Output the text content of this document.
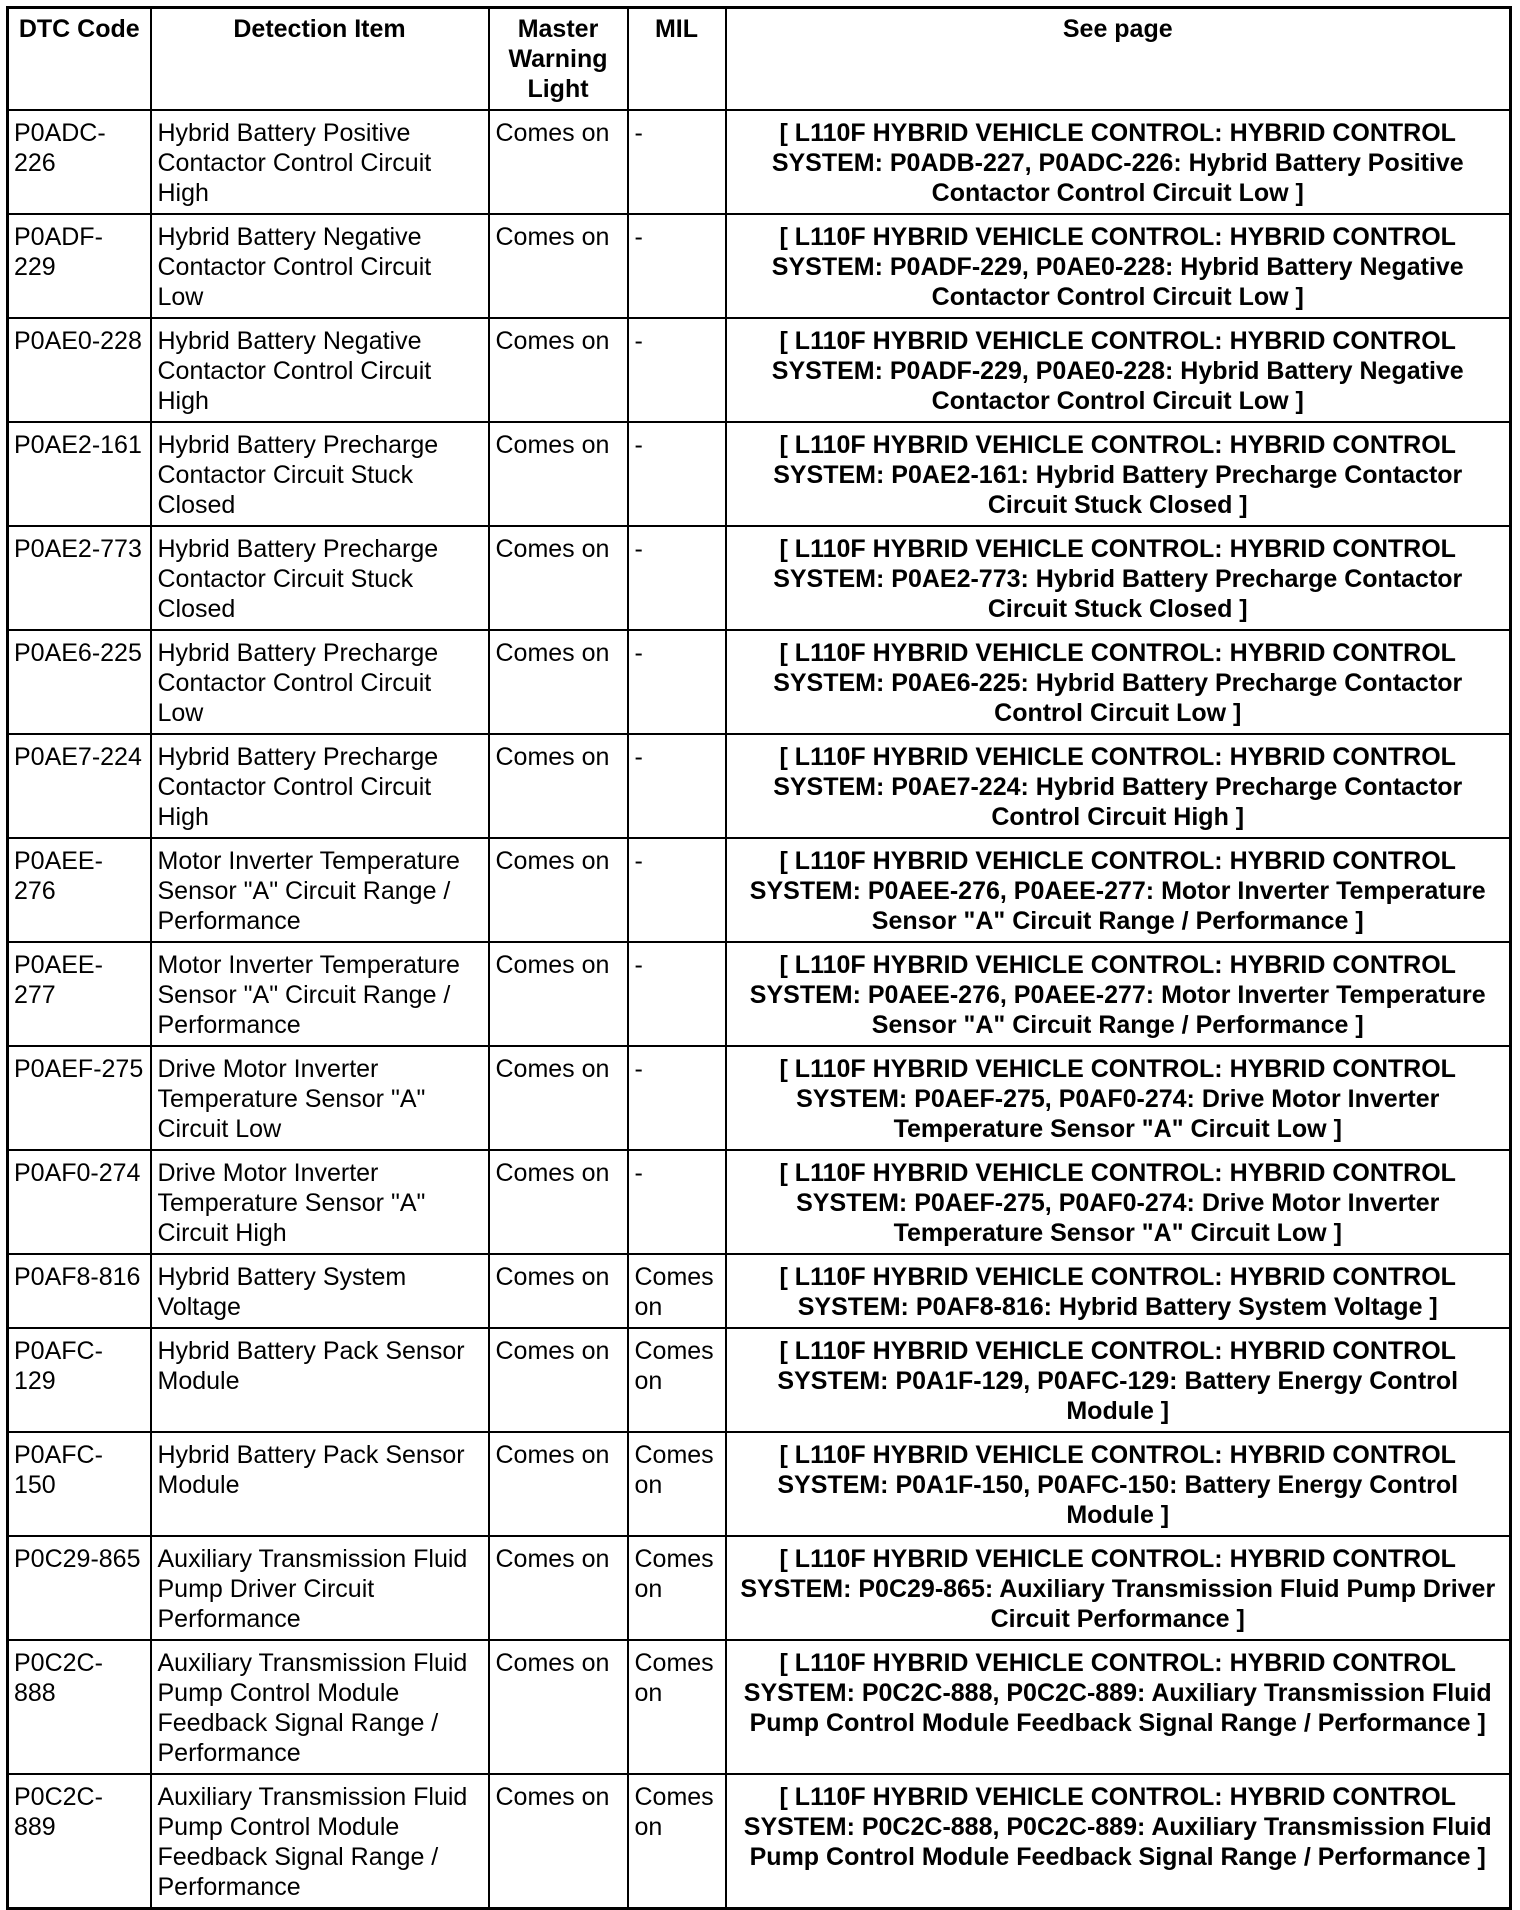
DTC Code	Detection Item	Master Warning Light	MIL	See page
P0ADC-226	Hybrid Battery Positive Contactor Control Circuit High	Comes on	-	[ L110F HYBRID VEHICLE CONTROL: HYBRID CONTROL SYSTEM: P0ADB-227, P0ADC-226: Hybrid Battery Positive Contactor Control Circuit Low ]
P0ADF-229	Hybrid Battery Negative Contactor Control Circuit Low	Comes on	-	[ L110F HYBRID VEHICLE CONTROL: HYBRID CONTROL SYSTEM: P0ADF-229, P0AE0-228: Hybrid Battery Negative Contactor Control Circuit Low ]
P0AE0-228	Hybrid Battery Negative Contactor Control Circuit High	Comes on	-	[ L110F HYBRID VEHICLE CONTROL: HYBRID CONTROL SYSTEM: P0ADF-229, P0AE0-228: Hybrid Battery Negative Contactor Control Circuit Low ]
P0AE2-161	Hybrid Battery Precharge Contactor Circuit Stuck Closed	Comes on	-	[ L110F HYBRID VEHICLE CONTROL: HYBRID CONTROL SYSTEM: P0AE2-161: Hybrid Battery Precharge Contactor Circuit Stuck Closed ]
P0AE2-773	Hybrid Battery Precharge Contactor Circuit Stuck Closed	Comes on	-	[ L110F HYBRID VEHICLE CONTROL: HYBRID CONTROL SYSTEM: P0AE2-773: Hybrid Battery Precharge Contactor Circuit Stuck Closed ]
P0AE6-225	Hybrid Battery Precharge Contactor Control Circuit Low	Comes on	-	[ L110F HYBRID VEHICLE CONTROL: HYBRID CONTROL SYSTEM: P0AE6-225: Hybrid Battery Precharge Contactor Control Circuit Low ]
P0AE7-224	Hybrid Battery Precharge Contactor Control Circuit High	Comes on	-	[ L110F HYBRID VEHICLE CONTROL: HYBRID CONTROL SYSTEM: P0AE7-224: Hybrid Battery Precharge Contactor Control Circuit High ]
P0AEE-276	Motor Inverter Temperature Sensor "A" Circuit Range / Performance	Comes on	-	[ L110F HYBRID VEHICLE CONTROL: HYBRID CONTROL SYSTEM: P0AEE-276, P0AEE-277: Motor Inverter Temperature Sensor "A" Circuit Range / Performance ]
P0AEE-277	Motor Inverter Temperature Sensor "A" Circuit Range / Performance	Comes on	-	[ L110F HYBRID VEHICLE CONTROL: HYBRID CONTROL SYSTEM: P0AEE-276, P0AEE-277: Motor Inverter Temperature Sensor "A" Circuit Range / Performance ]
P0AEF-275	Drive Motor Inverter Temperature Sensor "A" Circuit Low	Comes on	-	[ L110F HYBRID VEHICLE CONTROL: HYBRID CONTROL SYSTEM: P0AEF-275, P0AF0-274: Drive Motor Inverter Temperature Sensor "A" Circuit Low ]
P0AF0-274	Drive Motor Inverter Temperature Sensor "A" Circuit High	Comes on	-	[ L110F HYBRID VEHICLE CONTROL: HYBRID CONTROL SYSTEM: P0AEF-275, P0AF0-274: Drive Motor Inverter Temperature Sensor "A" Circuit Low ]
P0AF8-816	Hybrid Battery System Voltage	Comes on	Comes on	[ L110F HYBRID VEHICLE CONTROL: HYBRID CONTROL SYSTEM: P0AF8-816: Hybrid Battery System Voltage ]
P0AFC-129	Hybrid Battery Pack Sensor Module	Comes on	Comes on	[ L110F HYBRID VEHICLE CONTROL: HYBRID CONTROL SYSTEM: P0A1F-129, P0AFC-129: Battery Energy Control Module ]
P0AFC-150	Hybrid Battery Pack Sensor Module	Comes on	Comes on	[ L110F HYBRID VEHICLE CONTROL: HYBRID CONTROL SYSTEM: P0A1F-150, P0AFC-150: Battery Energy Control Module ]
P0C29-865	Auxiliary Transmission Fluid Pump Driver Circuit Performance	Comes on	Comes on	[ L110F HYBRID VEHICLE CONTROL: HYBRID CONTROL SYSTEM: P0C29-865: Auxiliary Transmission Fluid Pump Driver Circuit Performance ]
P0C2C-888	Auxiliary Transmission Fluid Pump Control Module Feedback Signal Range / Performance	Comes on	Comes on	[ L110F HYBRID VEHICLE CONTROL: HYBRID CONTROL SYSTEM: P0C2C-888, P0C2C-889: Auxiliary Transmission Fluid Pump Control Module Feedback Signal Range / Performance ]
P0C2C-889	Auxiliary Transmission Fluid Pump Control Module Feedback Signal Range / Performance	Comes on	Comes on	[ L110F HYBRID VEHICLE CONTROL: HYBRID CONTROL SYSTEM: P0C2C-888, P0C2C-889: Auxiliary Transmission Fluid Pump Control Module Feedback Signal Range / Performance ]
